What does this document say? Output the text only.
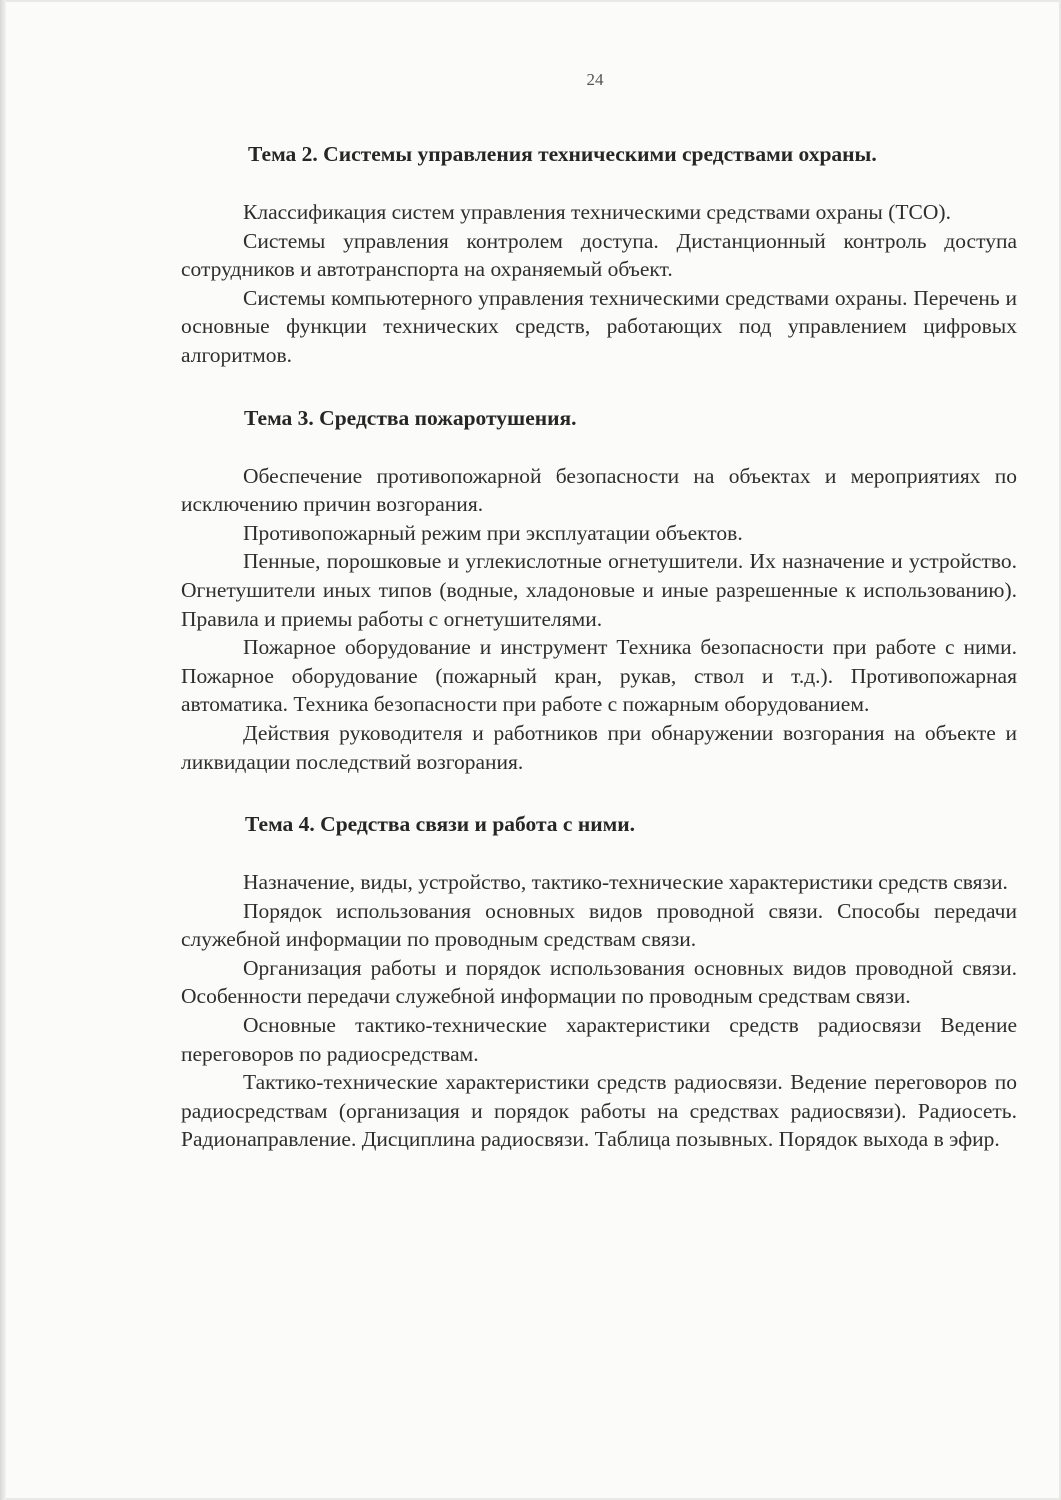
24
Тема 2. Системы управления техническими средствами охраны.

Классификация систем управления техническими средствами охраны (ТСО).

Системы управления контролем доступа. Дистанционный контроль доступа сотрудников и автотранспорта на охраняемый объект.

Системы компьютерного управления техническими средствами охраны. Перечень и основные функции технических средств, работающих под управлением цифровых алгоритмов.

Тема 3. Средства пожаротушения.

Обеспечение противопожарной безопасности на объектах и мероприятиях по исключению причин возгорания.

Противопожарный режим при эксплуатации объектов.

Пенные, порошковые и углекислотные огнетушители. Их назначение и устройство. Огнетушители иных типов (водные, хладоновые и иные разрешенные к использованию). Правила и приемы работы с огнетушителями.

Пожарное оборудование и инструмент Техника безопасности при работе с ними. Пожарное оборудование (пожарный кран, рукав, ствол и т.д.). Противопожарная автоматика. Техника безопасности при работе с пожарным оборудованием.

Действия руководителя и работников при обнаружении возгорания на объекте и ликвидации последствий возгорания.

Тема 4. Средства связи и работа с ними.

Назначение, виды, устройство, тактико-технические характеристики средств связи.

Порядок использования основных видов проводной связи. Способы передачи служебной информации по проводным средствам связи.

Организация работы и порядок использования основных видов проводной связи. Особенности передачи служебной информации по проводным средствам связи.

Основные тактико-технические характеристики средств радиосвязи Ведение переговоров по радиосредствам.

Тактико-технические характеристики средств радиосвязи. Ведение переговоров по радиосредствам (организация и порядок работы на средствах радиосвязи). Радиосеть. Радионаправление. Дисциплина радиосвязи. Таблица позывных. Порядок выхода в эфир.
